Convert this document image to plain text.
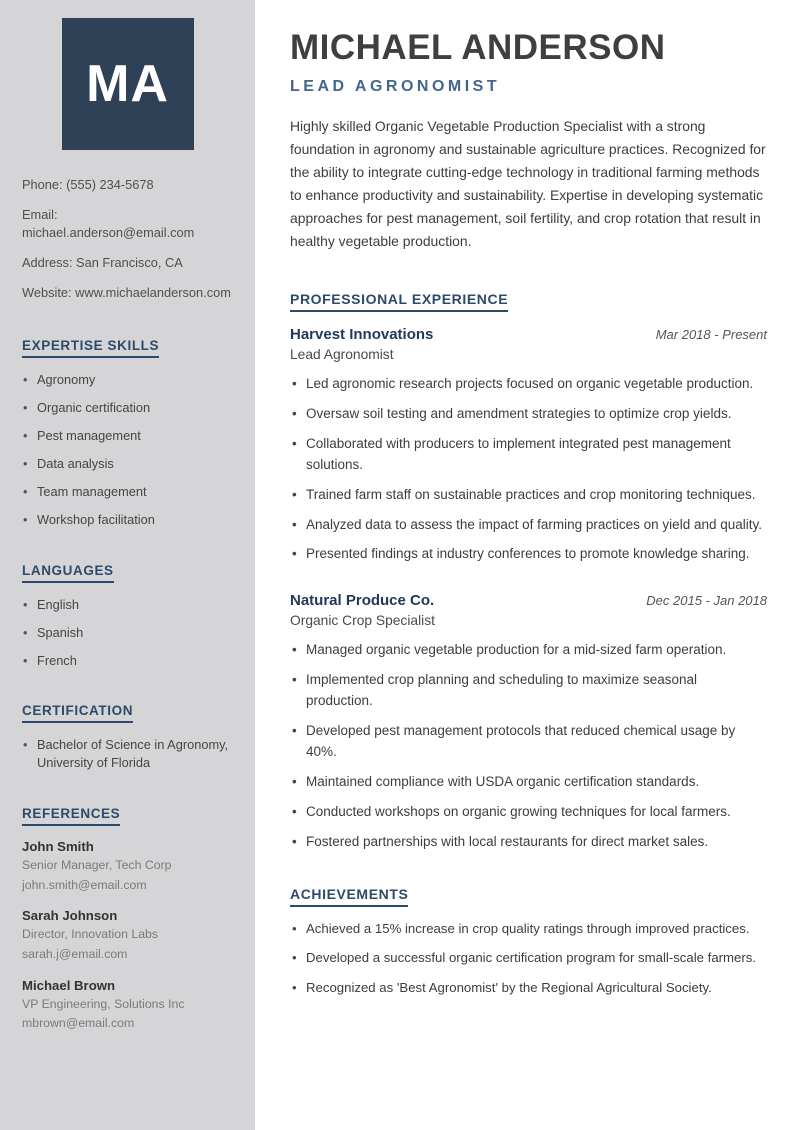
MA
Phone: (555) 234-5678
Email: michael.anderson@email.com
Address: San Francisco, CA
Website: www.michaelanderson.com
EXPERTISE SKILLS
• Agronomy
• Organic certification
• Pest management
• Data analysis
• Team management
• Workshop facilitation
LANGUAGES
• English
• Spanish
• French
CERTIFICATION
• Bachelor of Science in Agronomy, University of Florida
REFERENCES
John Smith
Senior Manager, Tech Corp
john.smith@email.com
Sarah Johnson
Director, Innovation Labs
sarah.j@email.com
Michael Brown
VP Engineering, Solutions Inc
mbrown@email.com
MICHAEL ANDERSON
LEAD AGRONOMIST

Highly skilled Organic Vegetable Production Specialist with a strong foundation in agronomy and sustainable agriculture practices. Recognized for the ability to integrate cutting-edge technology in traditional farming methods to enhance productivity and sustainability. Expertise in developing systematic approaches for pest management, soil fertility, and crop rotation that result in healthy vegetable production.

PROFESSIONAL EXPERIENCE
Harvest Innovations	Mar 2018 - Present
Lead Agronomist
• Led agronomic research projects focused on organic vegetable production.
• Oversaw soil testing and amendment strategies to optimize crop yields.
• Collaborated with producers to implement integrated pest management solutions.
• Trained farm staff on sustainable practices and crop monitoring techniques.
• Analyzed data to assess the impact of farming practices on yield and quality.
• Presented findings at industry conferences to promote knowledge sharing.
Natural Produce Co.	Dec 2015 - Jan 2018
Organic Crop Specialist
• Managed organic vegetable production for a mid-sized farm operation.
• Implemented crop planning and scheduling to maximize seasonal production.
• Developed pest management protocols that reduced chemical usage by 40%.
• Maintained compliance with USDA organic certification standards.
• Conducted workshops on organic growing techniques for local farmers.
• Fostered partnerships with local restaurants for direct market sales.
ACHIEVEMENTS
• Achieved a 15% increase in crop quality ratings through improved practices.
• Developed a successful organic certification program for small-scale farmers.
• Recognized as 'Best Agronomist' by the Regional Agricultural Society.
